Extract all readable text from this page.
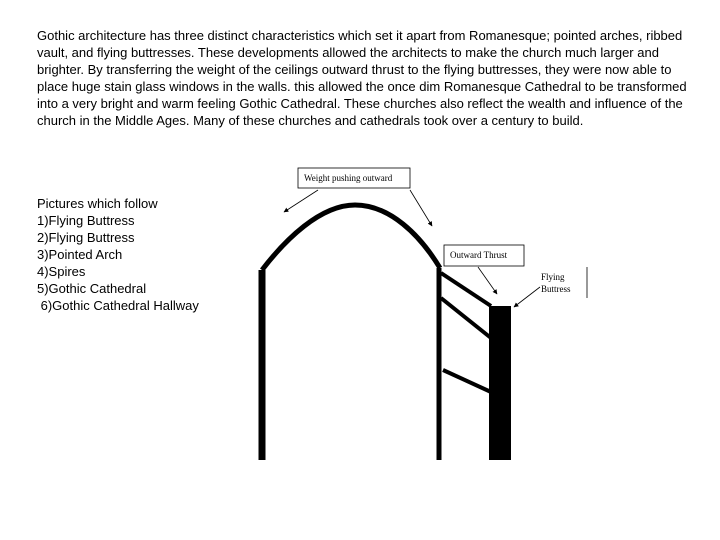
Gothic architecture has three distinct characteristics which set it apart from Romanesque; pointed arches, ribbed vault, and flying buttresses. These developments allowed the architects to make the church much larger and brighter. By transferring the weight of the ceilings outward thrust to the flying buttresses, they were now able to place huge stain glass windows in the walls. this allowed the once dim Romanesque Cathedral to be transformed into a very bright and warm feeling Gothic Cathedral. These churches also reflect the wealth and influence of the church in the Middle Ages. Many of these churches and cathedrals took over a century to build.

Pictures which follow
1)Flying Buttress
2)Flying Buttress
3)Pointed Arch
4)Spires
5)Gothic Cathedral
6)Gothic Cathedral Hallway
Weight pushing outward
Outward Thrust
Flying
Buttress
